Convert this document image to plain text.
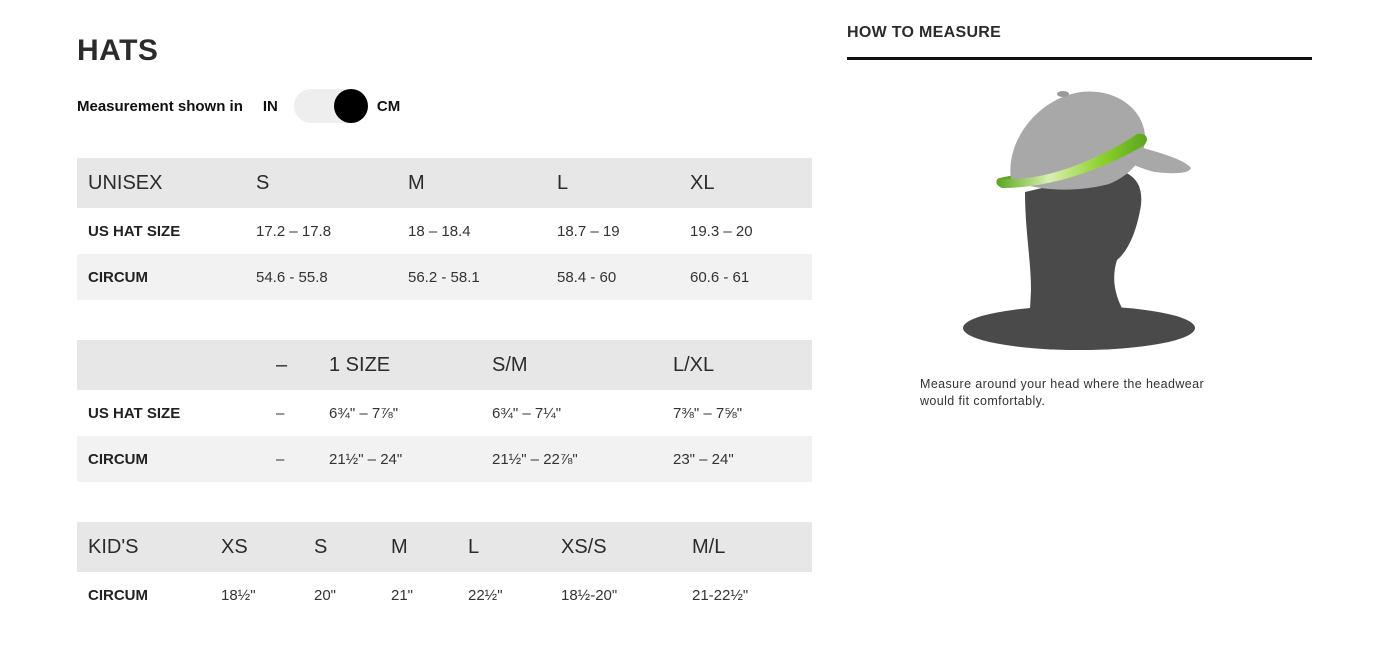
HATS
Measurement shown in IN	CM
UNISEX	S	M	L	XL
US HAT SIZE	17.2 – 17.8	18 – 18.4	18.7 – 19	19.3 – 20
CIRCUM	54.6 - 55.8	56.2 - 58.1	58.4 - 60	60.6 - 61
	–	1 SIZE	S/M	L/XL
US HAT SIZE	–	6¾" – 7⅞"	6¾" – 7¼"	7⅜" – 7⅝"
CIRCUM	–	21½" – 24"	21½" – 22⅞"	23" – 24"
KID'S	XS	S	M	L	XS/S	M/L
CIRCUM	18½"	20"	21"	22½"	18½-20"	21-22½"
HOW TO MEASURE

Measure around your head where the headwear would fit comfortably.
